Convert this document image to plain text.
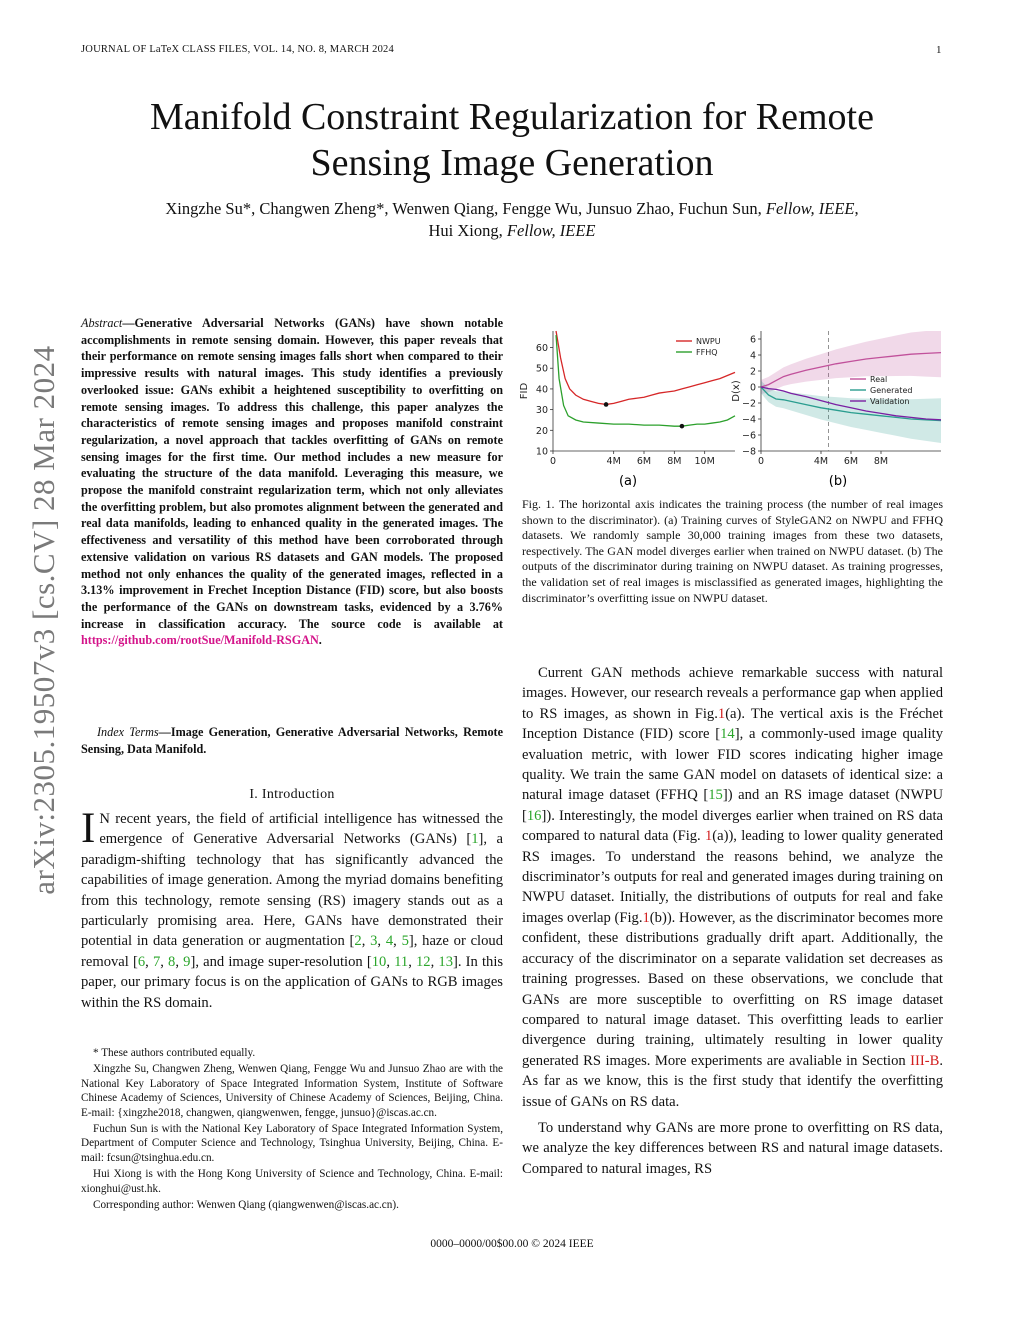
JOURNAL OF LaTeX CLASS FILES, VOL. 14, NO. 8, MARCH 2024	1
arXiv:2305.19507v3 [cs.CV] 28 Mar 2024
Manifold Constraint Regularization for Remote
Sensing Image Generation
Xingzhe Su*, Changwen Zheng*, Wenwen Qiang, Fengge Wu, Junsuo Zhao, Fuchun Sun, Fellow, IEEE,
Hui Xiong, Fellow, IEEE
Abstract—Generative Adversarial Networks (GANs) have shown notable accomplishments in remote sensing domain. However, this paper reveals that their performance on remote sensing images falls short when compared to their impressive results with natural images. This study identifies a previously overlooked issue: GANs exhibit a heightened susceptibility to overfitting on remote sensing images. To address this challenge, this paper analyzes the characteristics of remote sensing images and proposes manifold constraint regularization, a novel approach that tackles overfitting of GANs on remote sensing images for the first time. Our method includes a new measure for evaluating the structure of the data manifold. Leveraging this measure, we propose the manifold constraint regularization term, which not only alleviates the overfitting problem, but also promotes alignment between the generated and real data manifolds, leading to enhanced quality in the generated images. The effectiveness and versatility of this method have been corroborated through extensive validation on various RS datasets and GAN models. The proposed method not only enhances the quality of the generated images, reflected in a 3.13% improvement in Frechet Inception Distance (FID) score, but also boosts the performance of the GANs on downstream tasks, evidenced by a 3.76% increase in classification accuracy. The source code is available at https://github.com/rootSue/Manifold-RSGAN.
Index Terms—Image Generation, Generative Adversarial Networks, Remote Sensing, Data Manifold.
I. Introduction
I N recent years, the field of artificial intelligence has witnessed the emergence of Generative Adversarial Networks (GANs) [1], a paradigm-shifting technology that has significantly advanced the capabilities of image generation. Among the myriad domains benefiting from this technology, remote sensing (RS) imagery stands out as a particularly promising area. Here, GANs have demonstrated their potential in data generation or augmentation [2, 3, 4, 5], haze or cloud removal [6, 7, 8, 9], and image super-resolution [10, 11, 12, 13]. In this paper, our primary focus is on the application of GANs to RGB images within the RS domain.

* These authors contributed equally.

Xingzhe Su, Changwen Zheng, Wenwen Qiang, Fengge Wu and Junsuo Zhao are with the National Key Laboratory of Space Integrated Information System, Institute of Software Chinese Academy of Sciences, University of Chinese Academy of Sciences, Beijing, China. E-mail: {xingzhe2018, changwen, qiangwenwen, fengge, junsuo}@iscas.ac.cn.

Fuchun Sun is with the National Key Laboratory of Space Integrated Information System, Department of Computer Science and Technology, Tsinghua University, Beijing, China. E-mail: fcsun@tsinghua.edu.cn.

Hui Xiong is with the Hong Kong University of Science and Technology, China. E-mail: xionghui@ust.hk.

Corresponding author: Wenwen Qiang (qiangwenwen@iscas.ac.cn).

10
20
30
40
50
60
0	4M 6M 8M 10M
FID
NWPU
FFHQ
6
4
2
0
−2
−4
−6
−8
0	4M 6M 8M
D(x)
Real
Generated
Validation
(a)	(b)
Fig. 1. The horizontal axis indicates the training process (the number of real images shown to the discriminator). (a) Training curves of StyleGAN2 on NWPU and FFHQ datasets. We randomly sample 30,000 training images from these two datasets, respectively. The GAN model diverges earlier when trained on NWPU dataset. (b) The outputs of the discriminator during training on NWPU dataset. As training progresses, the validation set of real images is misclassified as generated images, highlighting the discriminator’s overfitting issue on NWPU dataset.

Current GAN methods achieve remarkable success with natural images. However, our research reveals a performance gap when applied to RS images, as shown in Fig.1(a). The vertical axis is the Fréchet Inception Distance (FID) score [14], a commonly-used image quality evaluation metric, with lower FID scores indicating higher image quality. We train the same GAN model on datasets of identical size: a natural image dataset (FFHQ [15]) and an RS image dataset (NWPU [16]). Interestingly, the model diverges earlier when trained on RS data compared to natural data (Fig. 1(a)), leading to lower quality generated RS images. To understand the reasons behind, we analyze the discriminator’s outputs for real and generated images during training on NWPU dataset. Initially, the distributions of outputs for real and fake images overlap (Fig.1(b)). However, as the discriminator becomes more confident, these distributions gradually drift apart. Additionally, the accuracy of the discriminator on a separate validation set decreases as training progresses. Based on these observations, we conclude that GANs are more susceptible to overfitting on RS image dataset compared to natural image dataset. This overfitting leads to earlier divergence during training, ultimately resulting in lower quality generated RS images. More experiments are avaliable in Section III-B. As far as we know, this is the first study that identify the overfitting issue of GANs on RS data.

To understand why GANs are more prone to overfitting on RS data, we analyze the key differences between RS and natural image datasets. Compared to natural images, RS

0000–0000/00$00.00 © 2024 IEEE
